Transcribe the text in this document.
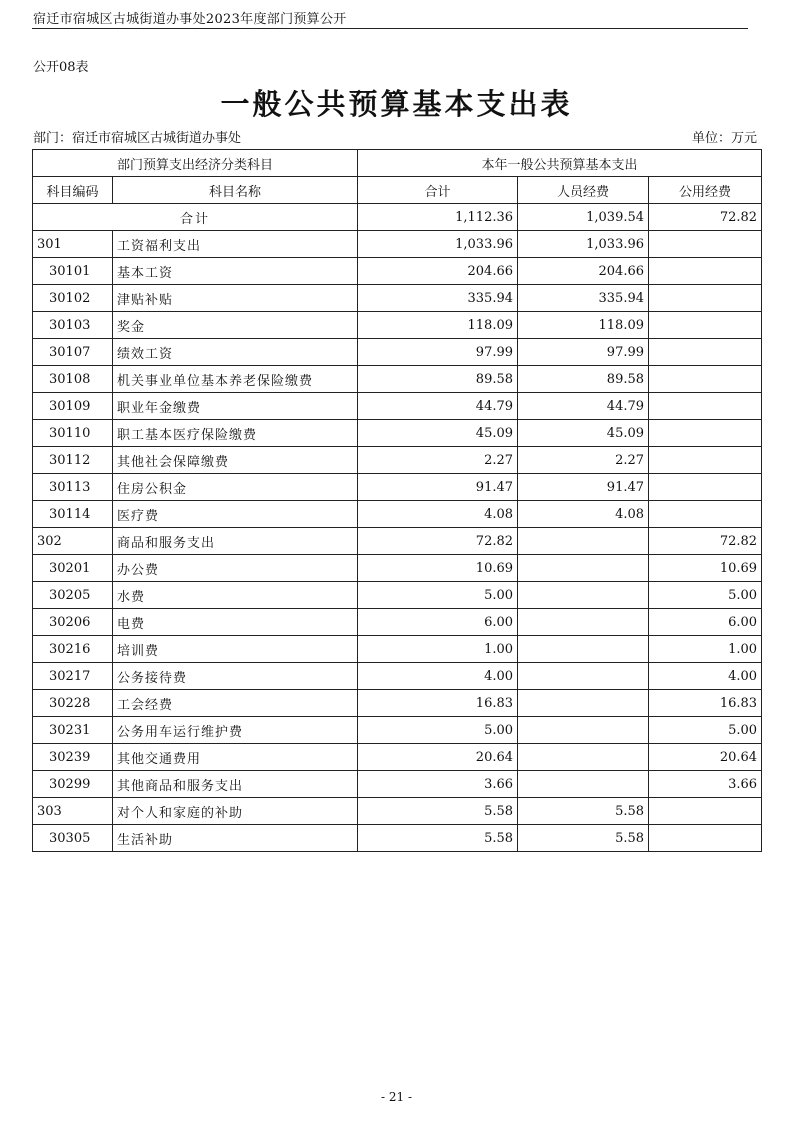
宿迁市宿城区古城街道办事处2023年度部门预算公开
公开08表
一般公共预算基本支出表
部门：宿迁市宿城区古城街道办事处	单位：万元
部门预算支出经济分类科目		本年一般公共预算基本支出		
科目编码	科目名称	合计	人员经费	公用经费
合计		1,112.36	1,039.54	72.82
301	工资福利支出	1,033.96	1,033.96	
30101	基本工资	204.66	204.66	
30102	津贴补贴	335.94	335.94	
30103	奖金	118.09	118.09	
30107	绩效工资	97.99	97.99	
30108	机关事业单位基本养老保险缴费	89.58	89.58	
30109	职业年金缴费	44.79	44.79	
30110	职工基本医疗保险缴费	45.09	45.09	
30112	其他社会保障缴费	2.27	2.27	
30113	住房公积金	91.47	91.47	
30114	医疗费	4.08	4.08	
302	商品和服务支出	72.82		72.82
30201	办公费	10.69		10.69
30205	水费	5.00		5.00
30206	电费	6.00		6.00
30216	培训费	1.00		1.00
30217	公务接待费	4.00		4.00
30228	工会经费	16.83		16.83
30231	公务用车运行维护费	5.00		5.00
30239	其他交通费用	20.64		20.64
30299	其他商品和服务支出	3.66		3.66
303	对个人和家庭的补助	5.58	5.58	
30305	生活补助	5.58	5.58	
- 21 -
